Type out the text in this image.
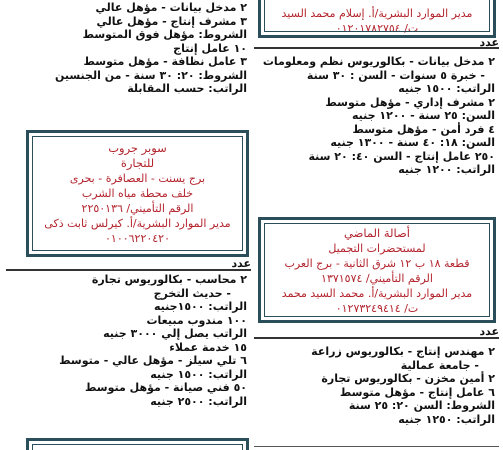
٢ مدخل بيانات - مؤهل عالي
٣ مشرف إنتاج - مؤهل عالي
الشروط: مؤهل فوق المتوسط
١٠ عامل إنتاج
٣ عامل نظافة - مؤهل متوسط
الشروط: ٢٠: ٣٠ سنة - من الجنسين
الراتب: حسب المقابلة
سوبر جروب
للتجارة
برج يسنت - العصافرة - بحرى
خلف محطة مياه الشرب
الرقم التأميني/ ٢٢٥٠١٣٦
مدير الموارد البشرية/أ. كيرلس ثابت ذكى
٠١٠٠٦٢٢٠٤٢٠
عدد
٢ محاسب - بكالوريوس تجارة
- حديث التخرج
الراتب: ١٥٠٠جنيه
١٠٠ مندوب مبيعات
الراتب يصل إلي ٣٠٠٠ جنيه
١٥ خدمة عملاء
٦ تلي سيلز - مؤهل عالي - متوسط
الراتب: ١٥٠٠ جنيه
٥٠ فني صيانة - مؤهل متوسط
الراتب: ٢٥٠٠ جنيه
مدير الموارد البشرية/أ. إسلام محمد السيد
ت/ ٠١٢٠١٧٨٢٧٥٤
عدد
٢ مدخل بيانات - بكالوريوس نظم ومعلومات
- خبرة ٥ سنوات - السن : ٣٠ سنة
الراتب: ١٥٠٠ جنيه
٢ مشرف إداري - مؤهل متوسط
السن: ٢٥ سنة - ١٢٠٠ جنيه
٤ فرد أمن - مؤهل متوسط
السن: ١٨: ٤٠ سنة - ١٣٠٠ جنيه
٢٥٠ عامل إنتاج - السن ٤٠: ٢٠ سنة
الراتب: ١٢٠٠ جنيه
أصالة الماضي
لمستحضرات التجميل
قطعة ١٨ ب ١٢ شرق الثانية - برج العرب
الرقم التأميني/ ١٣٧١٥٧٤
مدير الموارد البشرية/أ. محمد السيد محمد
ت/ ٠١٢٧٣٢٤٩٤١٤
عدد
٢ مهندس إنتاج - بكالوريوس زراعة
- جامعة عمالية
٢ أمين مخزن - بكالوريوس تجارة
٦ عامل إنتاج - مؤهل متوسط
الشروط: السن ٢٠: ٢٥ سنة
الراتب: ١٢٥٠ جنيه
